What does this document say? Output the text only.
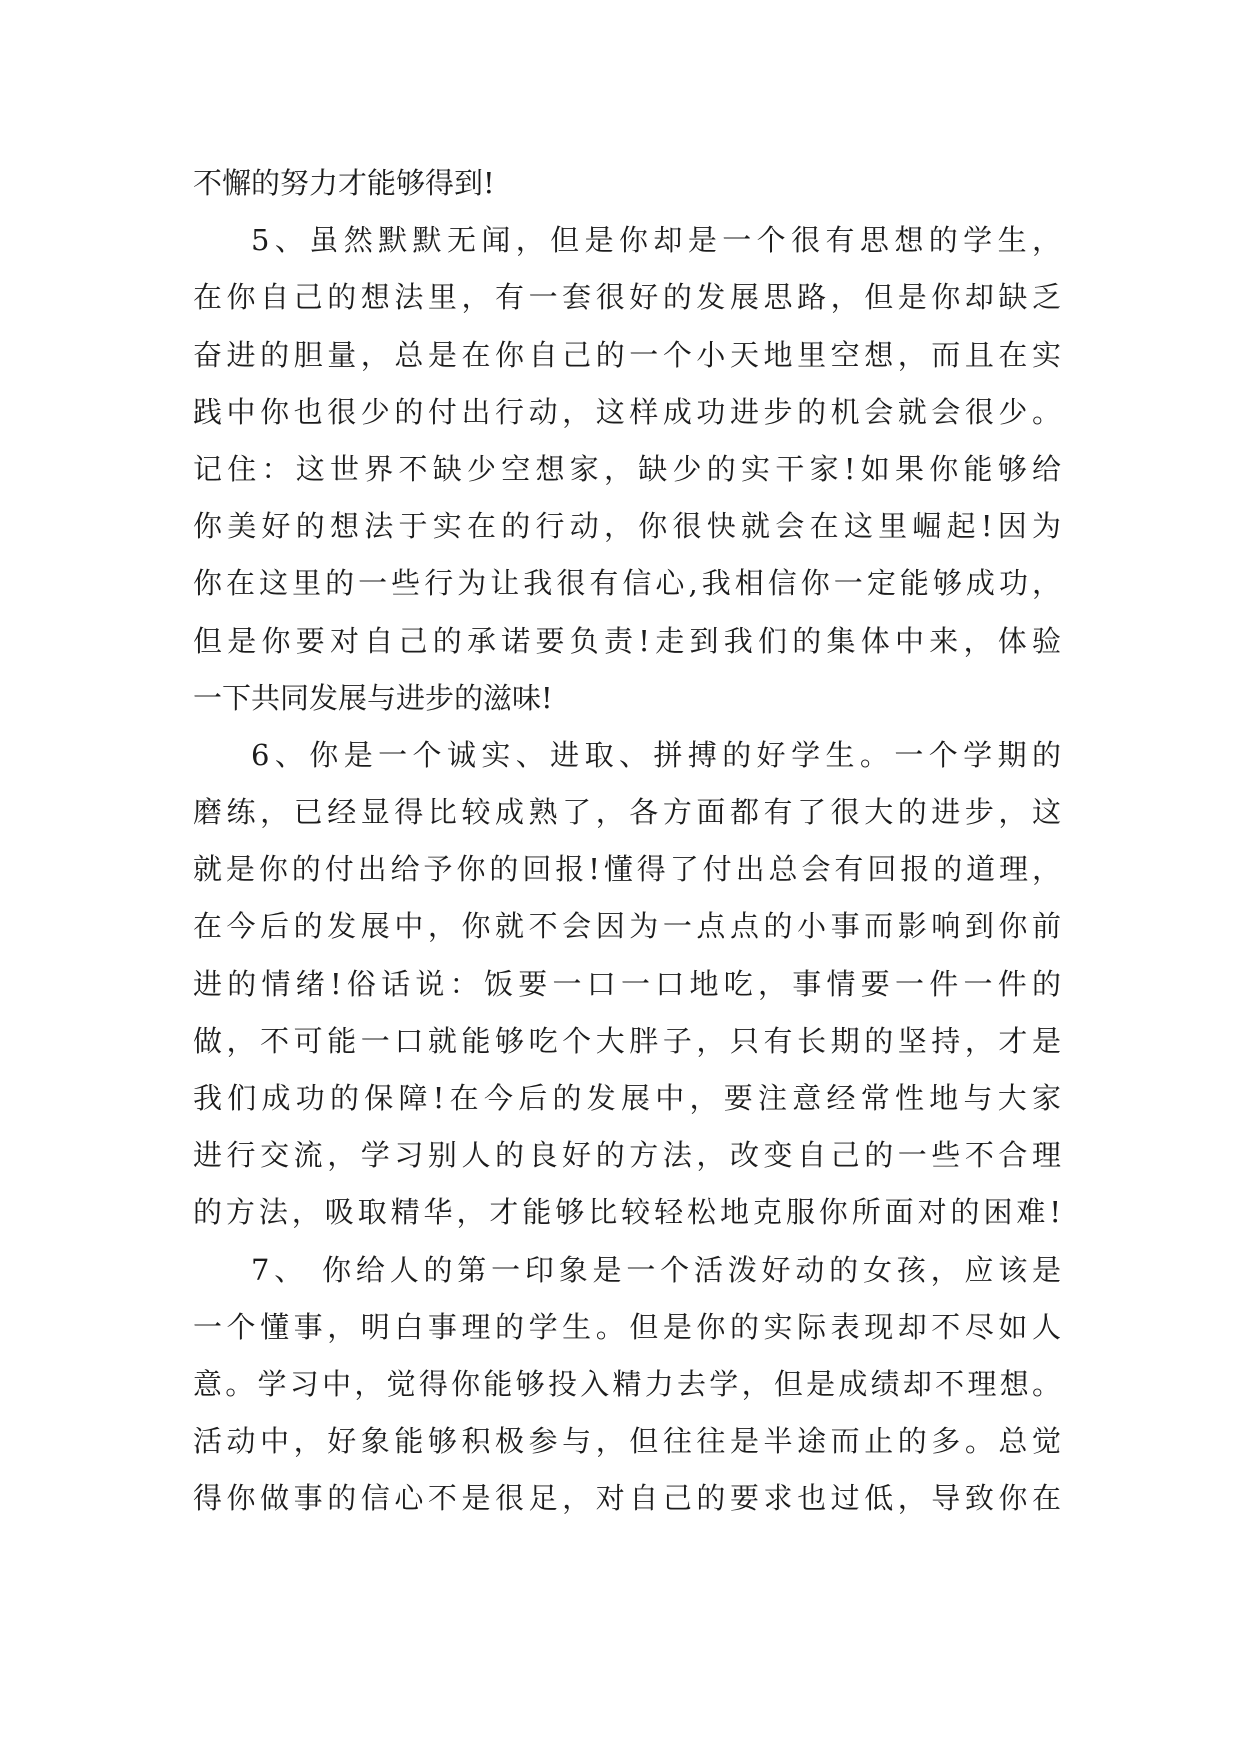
不懈的努力才能够得到!
5、虽然默默无闻，但是你却是一个很有思想的学生，
在你自己的想法里，有一套很好的发展思路，但是你却缺乏
奋进的胆量，总是在你自己的一个小天地里空想，而且在实
践中你也很少的付出行动，这样成功进步的机会就会很少。
记住：这世界不缺少空想家，缺少的实干家!如果你能够给
你美好的想法于实在的行动，你很快就会在这里崛起!因为
你在这里的一些行为让我很有信心,我相信你一定能够成功，
但是你要对自己的承诺要负责!走到我们的集体中来，体验
一下共同发展与进步的滋味!
6、你是一个诚实、进取、拼搏的好学生。一个学期的
磨练，已经显得比较成熟了，各方面都有了很大的进步，这
就是你的付出给予你的回报!懂得了付出总会有回报的道理，
在今后的发展中，你就不会因为一点点的小事而影响到你前
进的情绪!俗话说：饭要一口一口地吃，事情要一件一件的
做，不可能一口就能够吃个大胖子，只有长期的坚持，才是
我们成功的保障!在今后的发展中，要注意经常性地与大家
进行交流，学习别人的良好的方法，改变自己的一些不合理
的方法，吸取精华，才能够比较轻松地克服你所面对的困难!
7、 你给人的第一印象是一个活泼好动的女孩，应该是
一个懂事，明白事理的学生。但是你的实际表现却不尽如人
意。学习中，觉得你能够投入精力去学，但是成绩却不理想。
活动中，好象能够积极参与，但往往是半途而止的多。总觉
得你做事的信心不是很足，对自己的要求也过低，导致你在
